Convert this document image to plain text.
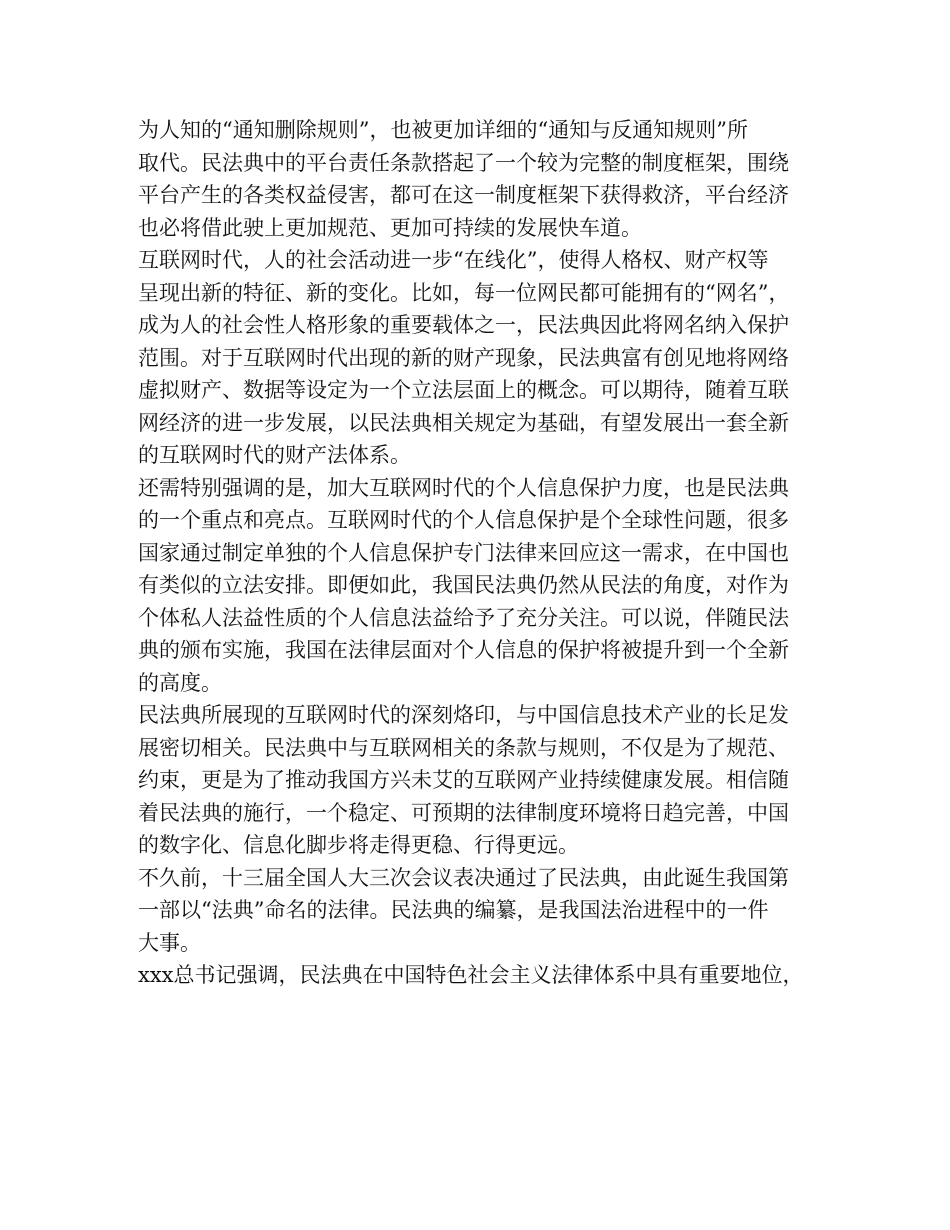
为人知的“通知删除规则”，也被更加详细的“通知与反通知规则”所
取代。民法典中的平台责任条款搭起了一个较为完整的制度框架，围绕
平台产生的各类权益侵害，都可在这一制度框架下获得救济，平台经济
也必将借此驶上更加规范、更加可持续的发展快车道。
互联网时代，人的社会活动进一步“在线化”，使得人格权、财产权等
呈现出新的特征、新的变化。比如，每一位网民都可能拥有的“网名”，
成为人的社会性人格形象的重要载体之一，民法典因此将网名纳入保护
范围。对于互联网时代出现的新的财产现象，民法典富有创见地将网络
虚拟财产、数据等设定为一个立法层面上的概念。可以期待，随着互联
网经济的进一步发展，以民法典相关规定为基础，有望发展出一套全新
的互联网时代的财产法体系。
还需特别强调的是，加大互联网时代的个人信息保护力度，也是民法典
的一个重点和亮点。互联网时代的个人信息保护是个全球性问题，很多
国家通过制定单独的个人信息保护专门法律来回应这一需求，在中国也
有类似的立法安排。即便如此，我国民法典仍然从民法的角度，对作为
个体私人法益性质的个人信息法益给予了充分关注。可以说，伴随民法
典的颁布实施，我国在法律层面对个人信息的保护将被提升到一个全新
的高度。
民法典所展现的互联网时代的深刻烙印，与中国信息技术产业的长足发
展密切相关。民法典中与互联网相关的条款与规则，不仅是为了规范、
约束，更是为了推动我国方兴未艾的互联网产业持续健康发展。相信随
着民法典的施行，一个稳定、可预期的法律制度环境将日趋完善，中国
的数字化、信息化脚步将走得更稳、行得更远。
不久前，十三届全国人大三次会议表决通过了民法典，由此诞生我国第
一部以“法典”命名的法律。民法典的编纂，是我国法治进程中的一件
大事。
xxx总书记强调，民法典在中国特色社会主义法律体系中具有重要地位，
